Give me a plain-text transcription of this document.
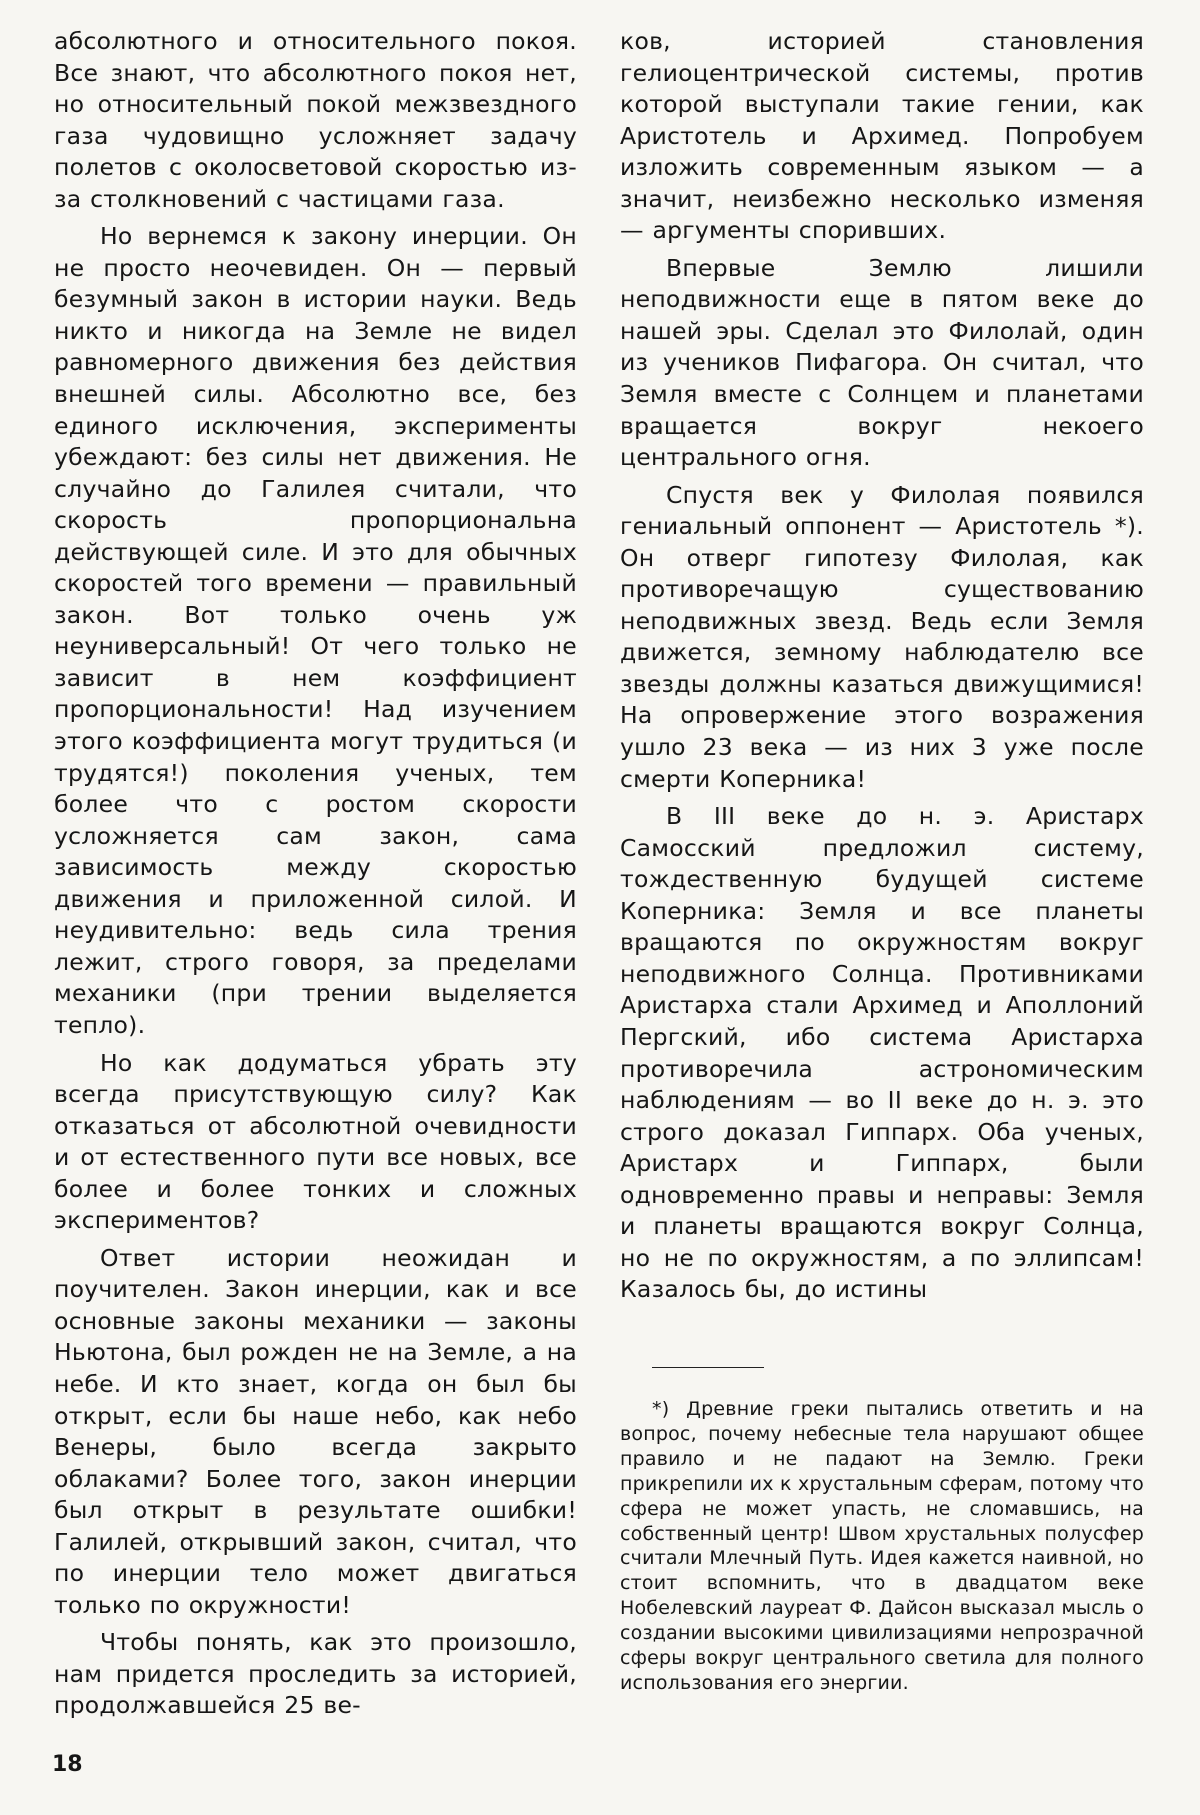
абсолютного и относительного покоя. Все знают, что абсолютного покоя нет, но относительный покой межзвездного газа чудовищно усложняет задачу полетов с околосветовой скоростью из-за столкновений с частицами газа.

Но вернемся к закону инерции. Он не просто неочевиден. Он — первый безумный закон в истории науки. Ведь никто и никогда на Земле не видел равномерного движения без действия внешней силы. Абсолютно все, без единого исключения, эксперименты убеждают: без силы нет движения. Не случайно до Галилея считали, что скорость пропорциональна действующей силе. И это для обычных скоростей того времени — правильный закон. Вот только очень уж неуниверсальный! От чего только не зависит в нем коэффициент пропорциональности! Над изучением этого коэффициента могут трудиться (и трудятся!) поколения ученых, тем более что с ростом скорости усложняется сам закон, сама зависимость между скоростью движения и приложенной силой. И неудивительно: ведь сила трения лежит, строго говоря, за пределами механики (при трении выделяется тепло).

Но как додуматься убрать эту всегда присутствующую силу? Как отказаться от абсолютной очевидности и от естественного пути все новых, все более и более тонких и сложных экспериментов?

Ответ истории неожидан и поучителен. Закон инерции, как и все основные законы механики — законы Ньютона, был рожден не на Земле, а на небе. И кто знает, когда он был бы открыт, если бы наше небо, как небо Венеры, было всегда закрыто облаками? Более того, закон инерции был открыт в результате ошибки! Галилей, открывший закон, считал, что по инерции тело может двигаться только по окружности!

Чтобы понять, как это произошло, нам придется проследить за историей, продолжавшейся 25 ве-

ков, историей становления гелиоцентрической системы, против которой выступали такие гении, как Аристотель и Архимед. Попробуем изложить современным языком — а значит, неизбежно несколько изменяя — аргументы споривших.

Впервые Землю лишили неподвижности еще в пятом веке до нашей эры. Сделал это Филолай, один из учеников Пифагора. Он считал, что Земля вместе с Солнцем и планетами вращается вокруг некоего центрального огня.

Спустя век у Филолая появился гениальный оппонент — Аристотель *). Он отверг гипотезу Филолая, как противоречащую существованию неподвижных звезд. Ведь если Земля движется, земному наблюдателю все звезды должны казаться движущимися! На опровержение этого возражения ушло 23 века — из них 3 уже после смерти Коперника!

В III веке до н. э. Аристарх Самосский предложил систему, тождественную будущей системе Коперника: Земля и все планеты вращаются по окружностям вокруг неподвижного Солнца. Противниками Аристарха стали Архимед и Аполлоний Пергский, ибо система Аристарха противоречила астрономическим наблюдениям — во II веке до н. э. это строго доказал Гиппарх. Оба ученых, Аристарх и Гиппарх, были одновременно правы и неправы: Земля и планеты вращаются вокруг Солнца, но не по окружностям, а по эллипсам! Казалось бы, до истины

*) Древние греки пытались ответить и на вопрос, почему небесные тела нарушают общее правило и не падают на Землю. Греки прикрепили их к хрустальным сферам, потому что сфера не может упасть, не сломавшись, на собственный центр! Швом хрустальных полусфер считали Млечный Путь. Идея кажется наивной, но стоит вспомнить, что в двадцатом веке Нобелевский лауреат Ф. Дайсон высказал мысль о создании высокими цивилизациями непрозрачной сферы вокруг центрального светила для полного использования его энергии.

18
